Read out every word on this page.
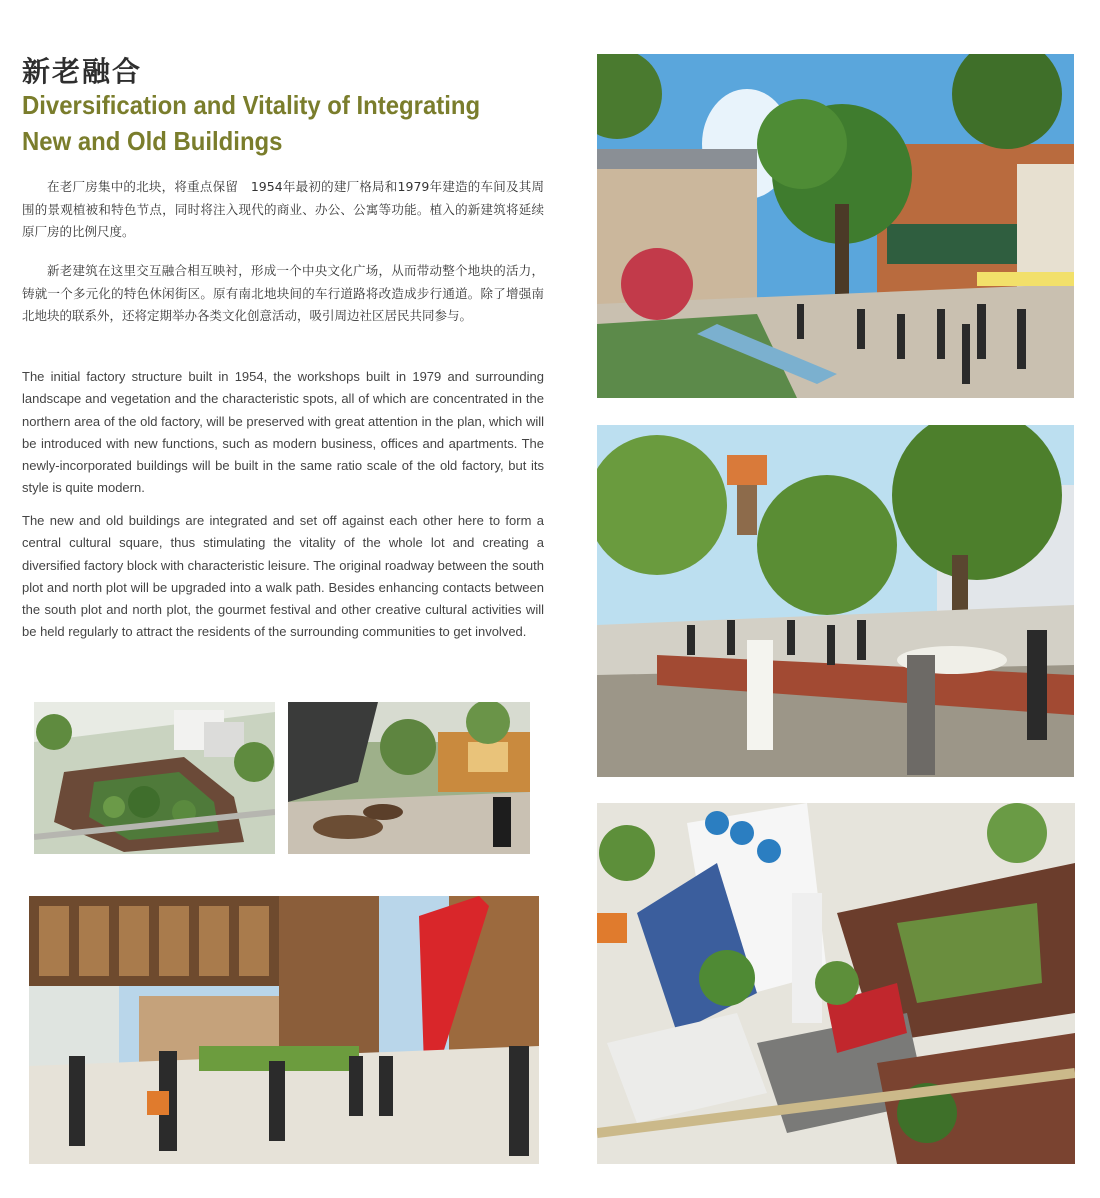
新老融合
Diversification and Vitality of Integrating New and Old Buildings
在老厂房集中的北块，将重点保留　1954年最初的建厂格局和1979年建造的车间及其周围的景观植被和特色节点，同时将注入现代的商业、办公、公寓等功能。植入的新建筑将延续原厂房的比例尺度。
新老建筑在这里交互融合相互映衬，形成一个中央文化广场，从而带动整个地块的活力，铸就一个多元化的特色休闲街区。原有南北地块间的车行道路将改造成步行通道。除了增强南北地块的联系外，还将定期举办各类文化创意活动，吸引周边社区居民共同参与。
The initial factory structure built in 1954, the workshops built in 1979 and surrounding landscape and vegetation and the characteristic spots, all of which are concentrated in the northern area of the old factory, will be preserved with great attention in the plan, which will be introduced with new functions, such as modern business, offices and apartments. The newly-incorporated buildings will be built in the same ratio scale of the old factory, but its style is quite modern.
The new and old buildings are integrated and set off against each other here to form a central cultural square, thus stimulating the vitality of the whole lot and creating a diversified factory block with characteristic leisure. The original roadway between the south plot and north plot will be upgraded into a walk path. Besides enhancing contacts between the south plot and north plot, the gourmet festival and other creative cultural activities will be held regularly to attract the residents of the surrounding communities to get involved.
